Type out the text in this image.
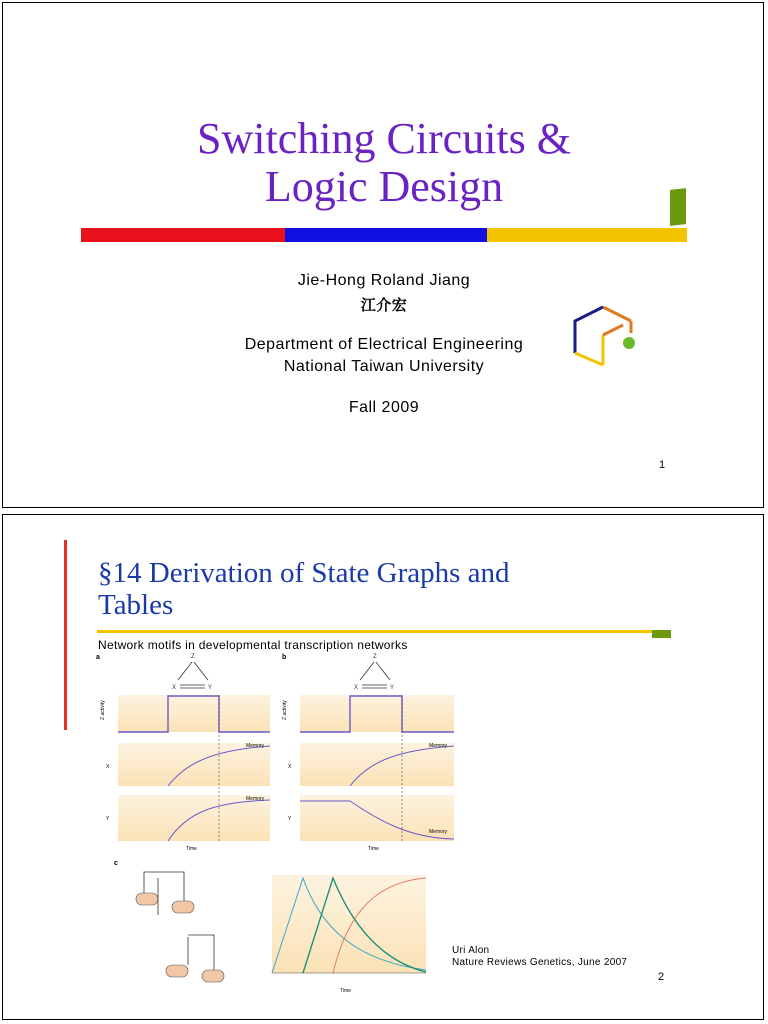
Switching Circuits &
Logic Design
Jie-Hong Roland Jiang
江介宏
Department of Electrical Engineering
National Taiwan University
Fall 2009
1
§14 Derivation of State Graphs and
Tables
Network motifs in developmental transcription networks
a	b
c
Z
X	Y
Z
X	Y
Memory
Memory
Z activity
X
Y
Time
Memory
Memory
Z activity
X
Y
Time
Time
Uri Alon
Nature Reviews Genetics, June 2007
2
